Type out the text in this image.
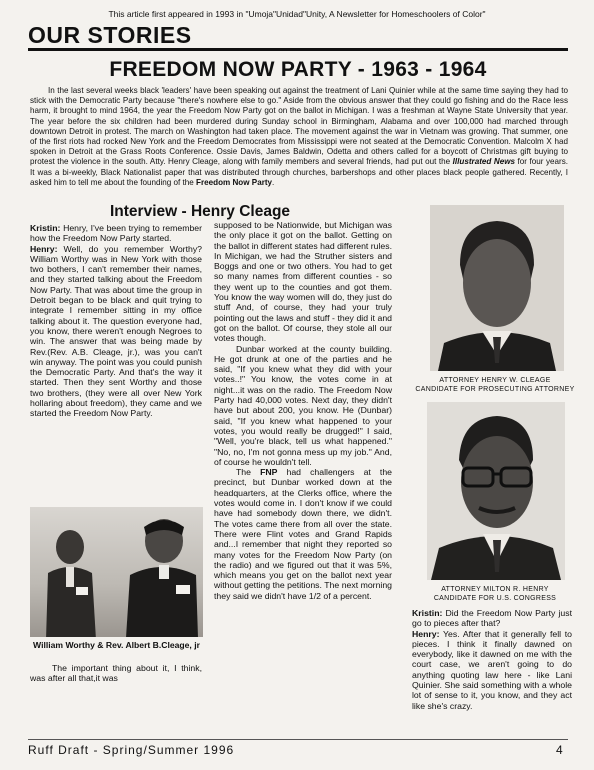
This article first appeared in 1993 in "Umoja"Unidad"Unity, A Newsletter for Homeschoolers of Color"
OUR STORIES
FREEDOM NOW PARTY - 1963 - 1964

In the last several weeks black 'leaders' have been speaking out against the treatment of Lani Quinier while at the same time saying they had to stick with the Democratic Party because "there's nowhere else to go." Aside from the obvious answer that they could go fishing and do the Race less harm, it brought to mind 1964, the year the Freedom Now Party got on the ballot in Michigan. I was a freshman at Wayne State University that year. The year before the six children had been murdered during Sunday school in Birmingham, Alabama and over 100,000 had marched through downtown Detroit in protest. The march on Washington had taken place. The movement against the war in Vietnam was growing. That summer, one of the first riots had rocked New York and the Freedom Democrates from Mississippi were not seated at the Democratic Convention. Malcolm X had spoken in Detroit at the Grass Roots Conference. Ossie Davis, James Baldwin, Odetta and others called for a boycott of Christmas gift buying to protest the violence in the south. Atty. Henry Cleage, along with family members and several friends, had put out the Illustrated News for four years. It was a bi-weekly, Black Nationalist paper that was distributed through churches, barbershops and other places black people gathered. Recently, I asked him to tell me about the founding of the Freedom Now Party.

Interview - Henry Cleage

Kristin: Henry, I've been trying to remember how the Freedom Now Party started.

Henry: Well, do you remember Worthy? William Worthy was in New York with those two bothers, I can't remember their names, and they started talking about the Freedom Now Party. That was about time the group in Detroit began to be black and quit trying to integrate I remember sitting in my office talking about it. The question everyone had, you know, there weren't enough Negroes to win. The answer that was being made by Rev.(Rev. A.B. Cleage, jr.), was you can't win anyway. The point was you could punish the Democratic Party. And that's the way it started. Then they sent Worthy and those two brothers, (they were all over New York hollaring about freedom), they came and we started the Freedom Now Party.

William Worthy & Rev. Albert B.Cleage, jr

The important thing about it, I think, was after all that,it was

supposed to be Nationwide, but Michigan was the only place it got on the ballot. Getting on the ballot in different states had different rules. In Michigan, we had the Struther sisters and Boggs and one or two others. You had to get so many names from different counties - so they went up to the counties and got them. You know the way women will do, they just do stuff And, of course, they had your truly pointing out the laws and stuff - they did it and got on the ballot. Of course, they stole all our votes though.

Dunbar worked at the county building. He got drunk at one of the parties and he said, "If you knew what they did with your votes..!" You know, the votes come in at night...it was on the radio. The Freedom Now Party had 40,000 votes. Next day, they didn't have but about 200, you know. He (Dunbar) said, "If you knew what happened to your votes, you would really be drugged!" I said, "Well, you're black, tell us what happened." "No, no, I'm not gonna mess up my job." And, of course he wouldn't tell.

The FNP had challengers at the precinct, but Dunbar worked down at the headquarters, at the Clerks office, where the votes would come in. I don't know if we could have had somebody down there, we didn't. The votes came there from all over the state. There were Flint votes and Grand Rapids and...I remember that night they reported so many votes for the Freedom Now Party (on the radio) and we figured out that it was 5%, which means you get on the ballot next year without getting the petitions. The next morning they said we didn't have 1/2 of a percent.

ATTORNEY HENRY W. CLEAGE
CANDIDATE FOR PROSECUTING ATTORNEY
ATTORNEY MILTON R. HENRY
CANDIDATE FOR U.S. CONGRESS

Kristin: Did the Freedom Now Party just go to pieces after that?

Henry: Yes. After that it generally fell to pieces. I think it finally dawned on everybody, like it dawned on me with the court case, we aren't going to do anything quoting law here - like Lani Quinier. She said something with a whole lot of sense to it, you know, and they act like she's crazy.

Ruff Draft - Spring/Summer 1996	4
